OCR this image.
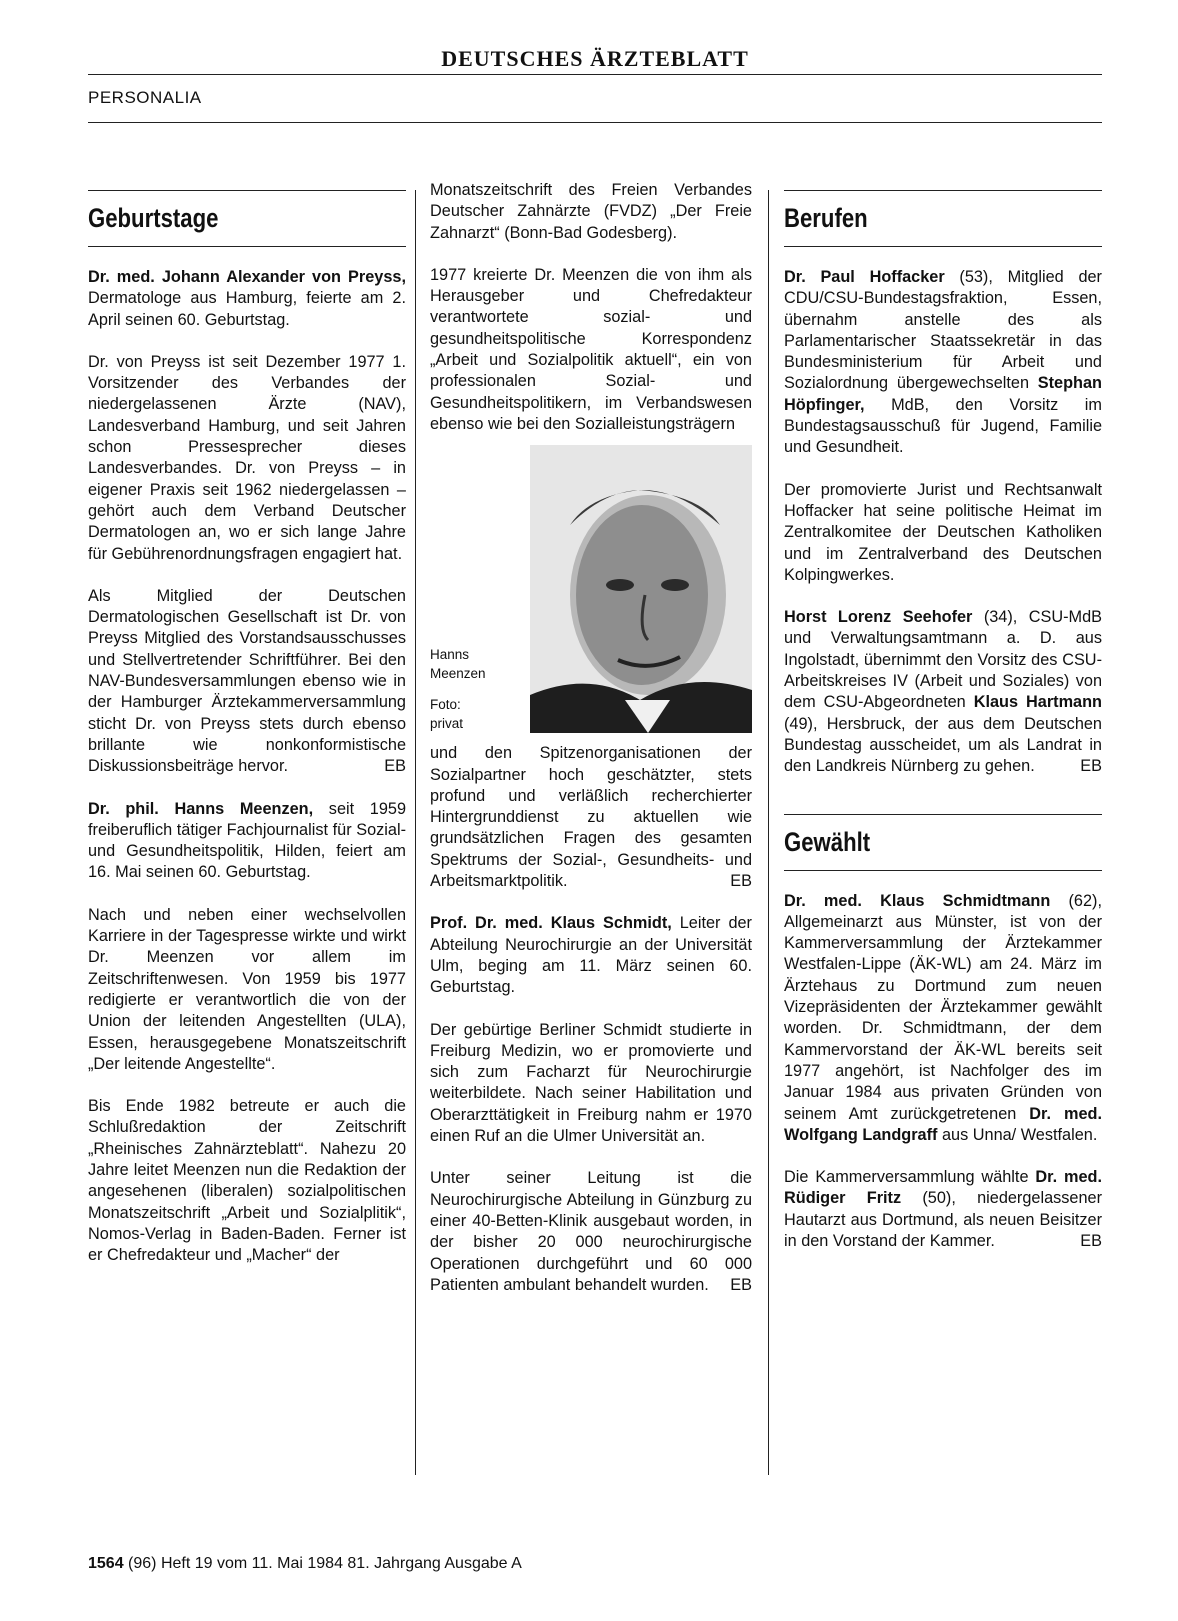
DEUTSCHES ÄRZTEBLATT
PERSONALIA
Geburtstage

Dr. med. Johann Alexander von Preyss, Dermatologe aus Hamburg, feierte am 2. April seinen 60. Geburtstag.

Dr. von Preyss ist seit Dezember 1977 1. Vorsitzender des Verbandes der niedergelassenen Ärzte (NAV), Landesverband Hamburg, und seit Jahren schon Pressesprecher dieses Landesverbandes. Dr. von Preyss – in eigener Praxis seit 1962 niedergelassen – gehört auch dem Verband Deutscher Dermatologen an, wo er sich lange Jahre für Gebührenordnungsfragen engagiert hat.

Als Mitglied der Deutschen Dermatologischen Gesellschaft ist Dr. von Preyss Mitglied des Vorstandsausschusses und Stellvertretender Schriftführer. Bei den NAV-Bundesversammlungen ebenso wie in der Hamburger Ärztekammerversammlung sticht Dr. von Preyss stets durch ebenso brillante wie nonkonformistische Diskussionsbeiträge hervor.	EB

Dr. phil. Hanns Meenzen, seit 1959 freiberuflich tätiger Fachjournalist für Sozial- und Gesundheitspolitik, Hilden, feiert am 16. Mai seinen 60. Geburtstag.

Nach und neben einer wechselvollen Karriere in der Tagespresse wirkte und wirkt Dr. Meenzen vor allem im Zeitschriftenwesen. Von 1959 bis 1977 redigierte er verantwortlich die von der Union der leitenden Angestellten (ULA), Essen, herausgegebene Monatszeitschrift „Der leitende Angestellte“.

Bis Ende 1982 betreute er auch die Schlußredaktion der Zeitschrift „Rheinisches Zahnärzteblatt“. Nahezu 20 Jahre leitet Meenzen nun die Redaktion der angesehenen (liberalen) sozialpolitischen Monatszeitschrift „Arbeit und Sozialplitik“, Nomos-Verlag in Baden-Baden. Ferner ist er Chefredakteur und „Macher“ der

Monatszeitschrift des Freien Verbandes Deutscher Zahnärzte (FVDZ) „Der Freie Zahnarzt“ (Bonn-Bad Godesberg).

1977 kreierte Dr. Meenzen die von ihm als Herausgeber und Chefredakteur verantwortete sozial- und gesundheitspolitische Korrespondenz „Arbeit und Sozialpolitik aktuell“, ein von professionalen Sozial- und Gesundheitspolitikern, im Verbandswesen ebenso wie bei den Sozialleistungsträgern

Hanns
Meenzen
Foto:
privat

und den Spitzenorganisationen der Sozialpartner hoch geschätzter, stets profund und verläßlich recherchierter Hintergrunddienst zu aktuellen wie grundsätzlichen Fragen des gesamten Spektrums der Sozial-, Gesundheits- und Arbeitsmarktpolitik.	EB

Prof. Dr. med. Klaus Schmidt, Leiter der Abteilung Neurochirurgie an der Universität Ulm, beging am 11. März seinen 60. Geburtstag.

Der gebürtige Berliner Schmidt studierte in Freiburg Medizin, wo er promovierte und sich zum Facharzt für Neurochirurgie weiterbildete. Nach seiner Habilitation und Oberarzttätigkeit in Freiburg nahm er 1970 einen Ruf an die Ulmer Universität an.

Unter seiner Leitung ist die Neurochirurgische Abteilung in Günzburg zu einer 40-Betten-Klinik ausgebaut worden, in der bisher 20 000 neurochirurgische Operationen durchgeführt und 60 000 Patienten ambulant behandelt wurden. EB

Berufen

Dr. Paul Hoffacker (53), Mitglied der CDU/CSU-Bundestagsfraktion, Essen, übernahm anstelle des als Parlamentarischer Staatssekretär in das Bundesministerium für Arbeit und Sozialordnung übergewechselten Stephan Höpfinger, MdB, den Vorsitz im Bundestagsausschuß für Jugend, Familie und Gesundheit.

Der promovierte Jurist und Rechtsanwalt Hoffacker hat seine politische Heimat im Zentralkomitee der Deutschen Katholiken und im Zentralverband des Deutschen Kolpingwerkes.

Horst Lorenz Seehofer (34), CSU-MdB und Verwaltungsamtmann a. D. aus Ingolstadt, übernimmt den Vorsitz des CSU-Arbeitskreises IV (Arbeit und Soziales) von dem CSU-Abgeordneten Klaus Hartmann (49), Hersbruck, der aus dem Deutschen Bundestag ausscheidet, um als Landrat in den Landkreis Nürnberg zu gehen.	EB

Gewählt

Dr. med. Klaus Schmidtmann (62), Allgemeinarzt aus Münster, ist von der Kammerversammlung der Ärztekammer Westfalen-Lippe (ÄK-WL) am 24. März im Ärztehaus zu Dortmund zum neuen Vizepräsidenten der Ärztekammer gewählt worden. Dr. Schmidtmann, der dem Kammervorstand der ÄK-WL bereits seit 1977 angehört, ist Nachfolger des im Januar 1984 aus privaten Gründen von seinem Amt zurückgetretenen Dr. med. Wolfgang Landgraff aus Unna/ Westfalen.

Die Kammerversammlung wählte Dr. med. Rüdiger Fritz (50), niedergelassener Hautarzt aus Dortmund, als neuen Beisitzer in den Vorstand der Kammer.	EB

1564 (96) Heft 19 vom 11. Mai 1984 81. Jahrgang Ausgabe A
